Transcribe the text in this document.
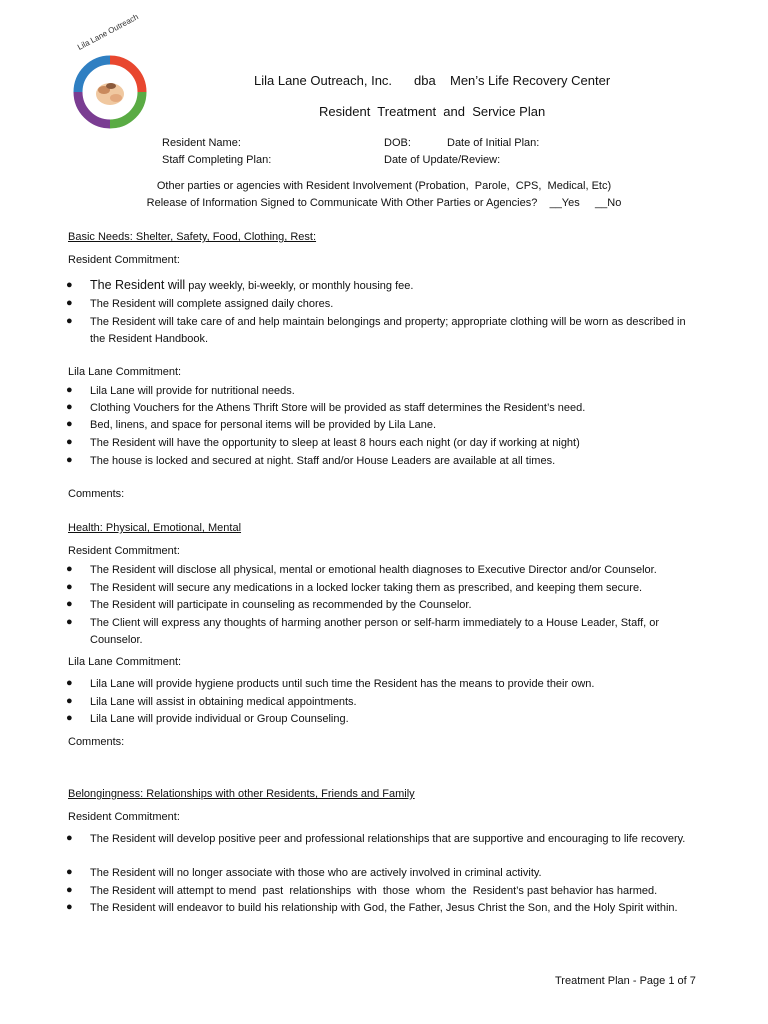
Lila Lane Outreach
Lila Lane Outreach, Inc. dba Men’s Life Recovery Center
Resident  Treatment  and  Service Plan
Resident Name:	DOB:	Date of Initial Plan:
Staff Completing Plan:	Date of Update/Review:
Other parties or agencies with Resident Involvement (Probation,  Parole,  CPS,  Medical, Etc)
Release of Information Signed to Communicate With Other Parties or Agencies?    __Yes     __No
Basic Needs: Shelter, Safety, Food, Clothing, Rest:
Resident Commitment:
● The Resident will pay weekly, bi-weekly, or monthly housing fee.
● The Resident will complete assigned daily chores.
● The Resident will take care of and help maintain belongings and property; appropriate clothing will be worn as described in the Resident Handbook.
Lila Lane Commitment:
● Lila Lane will provide for nutritional needs.
● Clothing Vouchers for the Athens Thrift Store will be provided as staff determines the Resident’s need.
● Bed, linens, and space for personal items will be provided by Lila Lane.
● The Resident will have the opportunity to sleep at least 8 hours each night (or day if working at night)
● The house is locked and secured at night. Staff and/or House Leaders are available at all times.
Comments:
Health: Physical, Emotional, Mental
Resident Commitment:
● The Resident will disclose all physical, mental or emotional health diagnoses to Executive Director and/or Counselor.
● The Resident will secure any medications in a locked locker taking them as prescribed, and keeping them secure.
● The Resident will participate in counseling as recommended by the Counselor.
● The Client will express any thoughts of harming another person or self-harm immediately to a House Leader, Staff, or Counselor.
Lila Lane Commitment:
● Lila Lane will provide hygiene products until such time the Resident has the means to provide their own.
● Lila Lane will assist in obtaining medical appointments.
● Lila Lane will provide individual or Group Counseling.
Comments:
Belongingness: Relationships with other Residents, Friends and Family
Resident Commitment:
● The Resident will develop positive peer and professional relationships that are supportive and encouraging to life recovery.
● The Resident will no longer associate with those who are actively involved in criminal activity.
● The Resident will attempt to mend  past  relationships  with  those  whom  the  Resident’s past behavior has harmed.
● The Resident will endeavor to build his relationship with God, the Father, Jesus Christ the Son, and the Holy Spirit within.
Treatment Plan - Page 1 of 7
